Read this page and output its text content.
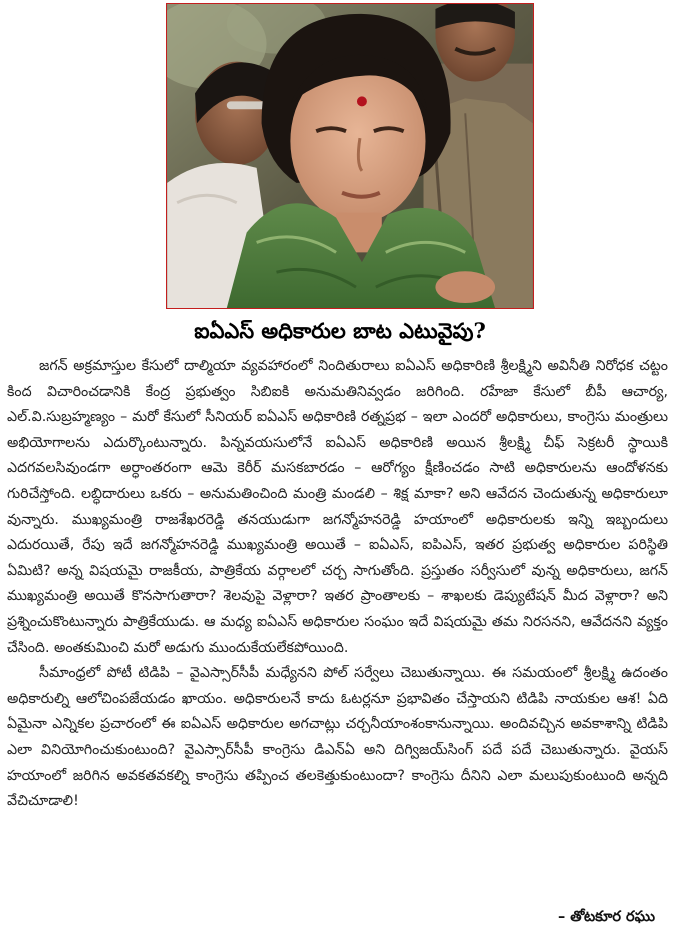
ఐఏఎస్ అధికారుల బాట ఎటువైపు?

జగన్ అక్రమాస్తుల కేసులో దాల్మియా వ్యవహారంలో నిందితురాలు ఐఏఎస్ అధికారిణి శ్రీలక్ష్మిని అవినీతి నిరోధక చట్టం కింద విచారించడానికి కేంద్ర ప్రభుత్వం సిబిఐకి అనుమతినివ్వడం జరిగింది. రహేజా కేసులో బీపీ ఆచార్య, ఎల్.వి.సుబ్రహ్మణ్యం – మరో కేసులో సీనియర్ ఐఏఎస్ అధికారిణి రత్నప్రభ – ఇలా ఎందరో అధికారులు, కాంగ్రెసు మంత్రులు అభియోగాలను ఎదుర్కొంటున్నారు. పిన్నవయసులోనే ఐఏఎస్ అధికారిణి అయిన శ్రీలక్ష్మి చీఫ్ సెక్రటరీ స్థాయికి ఎదగవలసివుండగా అర్ధాంతరంగా ఆమె కెరీర్ మసకబారడం – ఆరోగ్యం క్షీణించడం సాటి అధికారులను ఆందోళనకు గురిచేస్తోంది. లబ్ధిదారులు ఒకరు – అనుమతించింది మంత్రి మండలి – శిక్ష మాకా? అని ఆవేదన చెందుతున్న అధికారులూ వున్నారు. ముఖ్యమంత్రి రాజశేఖరరెడ్డి తనయుడుగా జగన్మోహనరెడ్డి హయాంలో అధికారులకు ఇన్ని ఇబ్బందులు ఎదురయితే, రేపు ఇదే జగన్మోహనరెడ్డి ముఖ్యమంత్రి అయితే – ఐఏఎస్, ఐపిఎస్, ఇతర ప్రభుత్వ అధికారుల పరిస్థితి ఏమిటి? అన్న విషయమై రాజకీయ, పాత్రికేయ వర్గాలలో చర్చ సాగుతోంది. ప్రస్తుతం సర్వీసులో వున్న అధికారులు, జగన్ ముఖ్యమంత్రి అయితే కొనసాగుతారా? శెలవుపై వెళ్లారా? ఇతర ప్రాంతాలకు – శాఖలకు డెప్యుటేషన్ మీద వెళ్లారా? అని ప్రశ్నించుకొంటున్నారు పాత్రికేయుడు. ఆ మధ్య ఐఏఎస్ అధికారుల సంఘం ఇదే విషయమై తమ నిరసనని, ఆవేదనని వ్యక్తం చేసింది. అంతకుమించి మరో అడుగు ముందుకేయలేకపోయింది.

సీమాంధ్రలో పోటీ టిడిపి – వైఎస్సార్‌సీపీ మధ్యేనని పోల్ సర్వేలు చెబుతున్నాయి. ఈ సమయంలో శ్రీలక్ష్మి ఉదంతం అధికారుల్ని ఆలోచింపజేయడం ఖాయం. అధికారులనే కాదు ఓటర్లనూ ప్రభావితం చేస్తాయని టిడిపి నాయకుల ఆశ! ఏది ఏమైనా ఎన్నికల ప్రచారంలో ఈ ఐఏఎస్ అధికారుల అగచాట్లు చర్చనీయాంశంకానున్నాయి. అందివచ్చిన అవకాశాన్ని టిడిపి ఎలా వినియోగించుకుంటుంది? వైఎస్సార్‌సీపీ కాంగ్రెసు డిఎన్ఏ అని దిగ్విజయ్‌సింగ్ పదే పదే చెబుతున్నారు. వైయస్ హయాంలో జరిగిన అవకతవకల్ని కాంగ్రెసు తప్పించ తలకెత్తుకుంటుందా? కాంగ్రెసు దీనిని ఎలా మలుపుకుంటుంది అన్నది వేచిచూడాలి!

– తోటకూర రఘు
